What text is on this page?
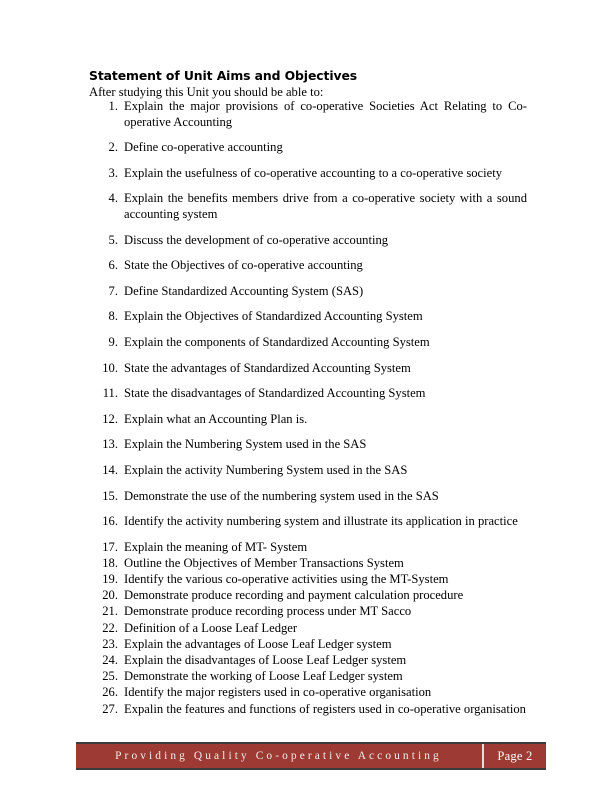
Statement of Unit Aims and Objectives
After studying this Unit you should be able to:
1. Explain the major provisions of co-operative Societies Act Relating to Co-operative Accounting
2. Define co-operative accounting
3. Explain the usefulness of co-operative accounting to a co-operative society
4. Explain the benefits members drive from a co-operative society with a sound accounting system
5. Discuss the development of co-operative accounting
6. State the Objectives of co-operative accounting
7. Define Standardized Accounting System (SAS)
8. Explain the Objectives of Standardized Accounting System
9. Explain the components of Standardized Accounting System
10. State the advantages of Standardized Accounting System
11. State the disadvantages of Standardized Accounting System
12. Explain what an Accounting Plan is.
13. Explain the Numbering System used in the SAS
14. Explain the activity Numbering System used in the SAS
15. Demonstrate the use of the numbering system used in the SAS
16. Identify the activity numbering system and illustrate its application in practice
17. Explain the meaning of MT- System
18. Outline the Objectives of Member Transactions System
19. Identify the various co-operative activities using the MT-System
20. Demonstrate produce recording and payment calculation procedure
21. Demonstrate produce recording process under MT Sacco
22. Definition of a Loose Leaf Ledger
23. Explain the advantages of Loose Leaf Ledger system
24. Explain the disadvantages of Loose Leaf Ledger system
25. Demonstrate the working of Loose Leaf Ledger system
26. Identify the major registers used in co-operative organisation
27. Expalin the features and functions of registers used in co-operative organisation
Providing Quality Co-operative Accounting	Page 2
